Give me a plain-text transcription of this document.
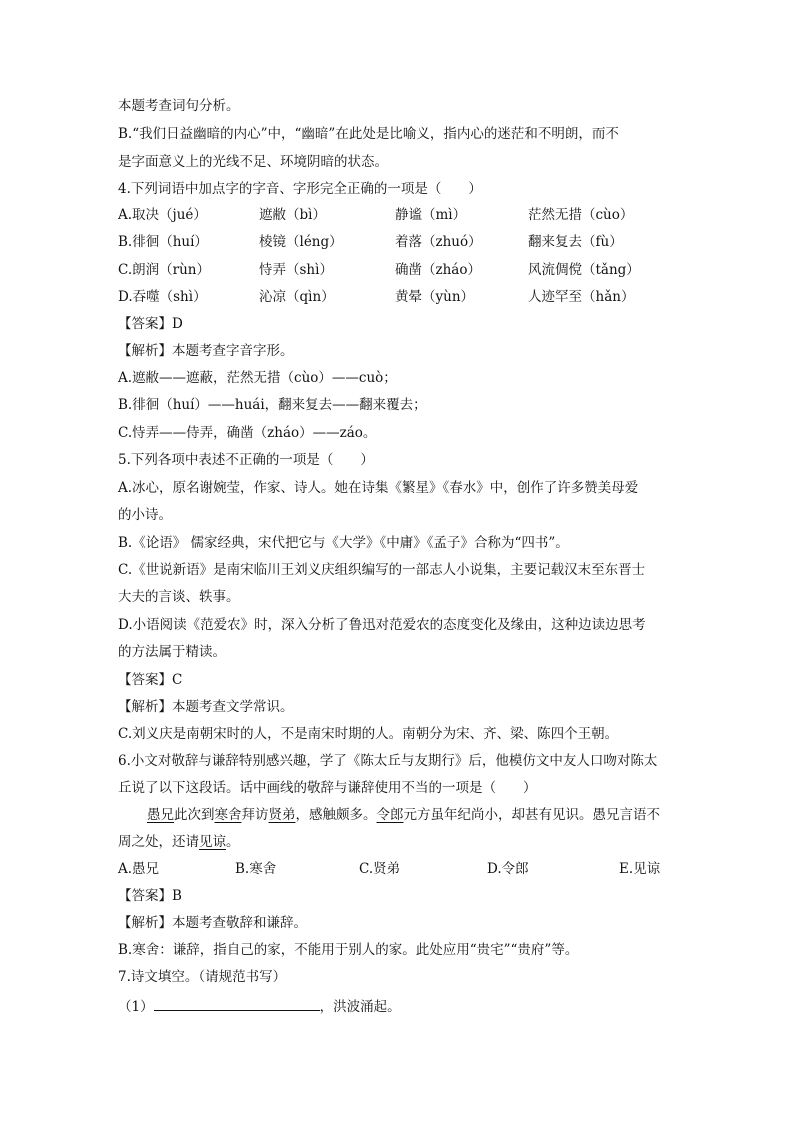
本题考查词句分析。
B.“我们日益幽暗的内心”中，“幽暗”在此处是比喻义，指内心的迷茫和不明朗，而不
是字面意义上的光线不足、环境阴暗的状态。
4.下列词语中加点字的字音、字形完全正确的一项是（　　）
A.取决（jué）	遮敝（bì）	静谧（mì）	茫然无措（cùo）
B.徘徊（huí）	棱镜（léng）	着落（zhuó）	翻来复去（fù）
C.朗润（rùn）	恃弄（shì）	确凿（zháo）	风流倜傥（tǎng）
D.吞噬（shì）	沁凉（qìn）	黄晕（yùn）	人迹罕至（hǎn）
【答案】D
【解析】本题考查字音字形。
A.遮敝——遮蔽，茫然无措（cùo）——cuò；
B.徘徊（huí）——huái，翻来复去——翻来覆去；
C.恃弄——侍弄，确凿（zháo）——záo。
5.下列各项中表述不正确的一项是（　　）
A.冰心，原名谢婉莹，作家、诗人。她在诗集《繁星》《春水》中，创作了许多赞美母爱
的小诗。
B.《论语》 儒家经典，宋代把它与《大学》《中庸》《孟子》合称为“四书”。
C.《世说新语》是南宋临川王刘义庆组织编写的一部志人小说集，主要记载汉末至东晋士
大夫的言谈、轶事。
D.小语阅读《范爱农》时，深入分析了鲁迅对范爱农的态度变化及缘由，这种边读边思考
的方法属于精读。
【答案】C
【解析】本题考查文学常识。
C.刘义庆是南朝宋时的人，不是南宋时期的人。南朝分为宋、齐、梁、陈四个王朝。
6.小文对敬辞与谦辞特别感兴趣，学了《陈太丘与友期行》后，他模仿文中友人口吻对陈太
丘说了以下这段话。话中画线的敬辞与谦辞使用不当的一项是（　　）
愚兄此次到寒舍拜访贤弟，感触颇多。令郎元方虽年纪尚小，却甚有见识。愚兄言语不
周之处，还请见谅。
A.愚兄	B.寒舍	C.贤弟	D.令郎	E.见谅
【答案】B
【解析】本题考查敬辞和谦辞。
B.寒舍：谦辞，指自己的家，不能用于别人的家。此处应用“贵宅”“贵府”等。
7.诗文填空。（请规范书写）
（1）	，洪波涌起。
